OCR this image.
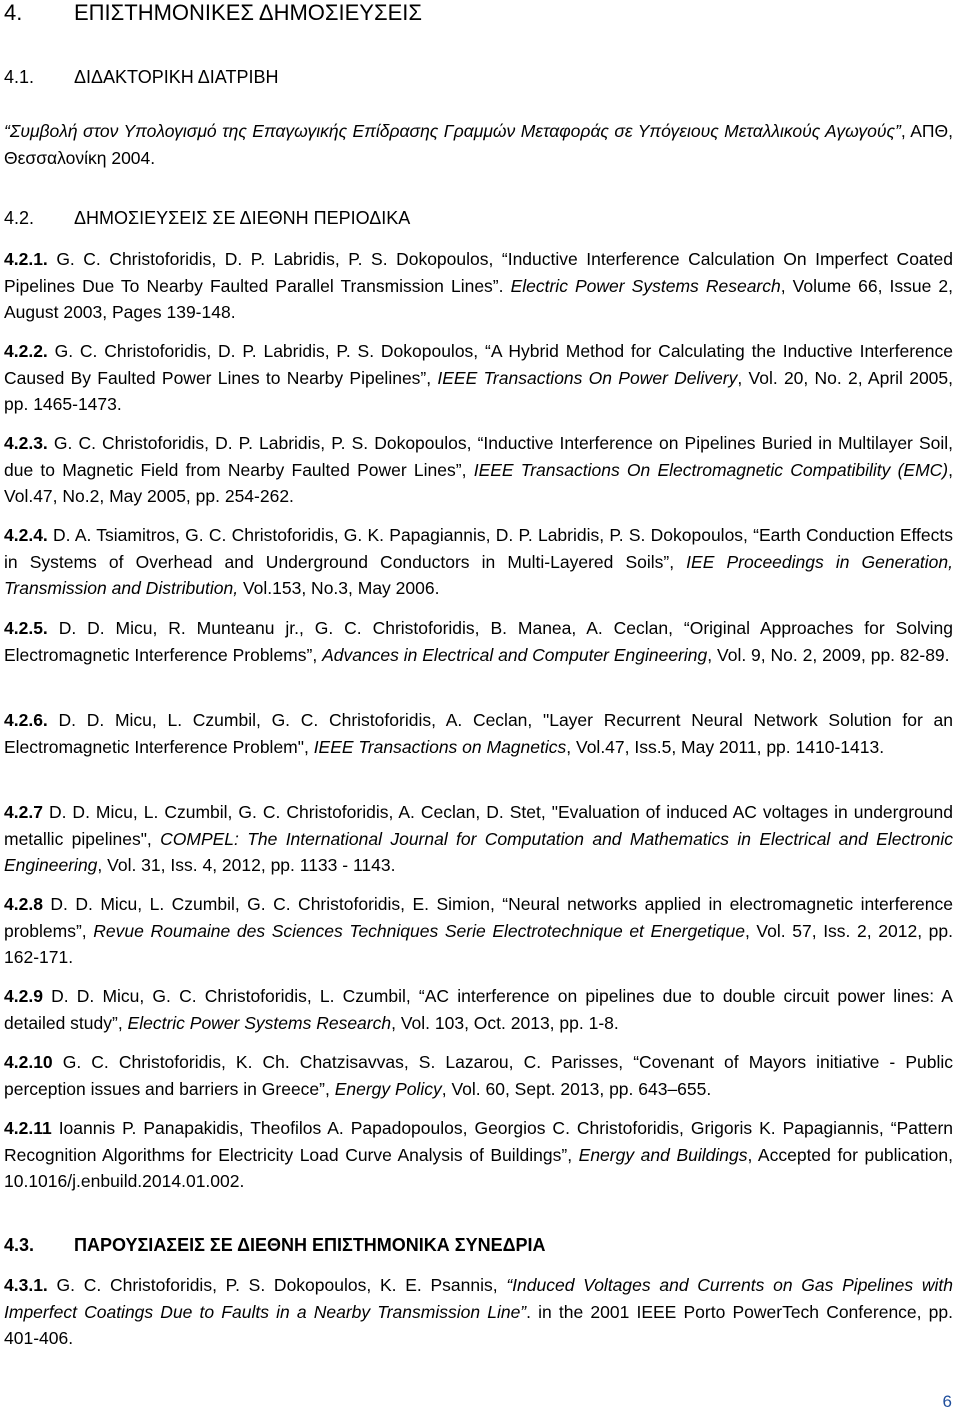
4. ΕΠΙΣΤΗΜΟΝΙΚΕΣ ΔΗΜΟΣΙΕΥΣΕΙΣ
4.1. ΔΙΔΑΚΤΟΡΙΚΗ ΔΙΑΤΡΙΒΗ
“Συμβολή στον Υπολογισμό της Επαγωγικής Επίδρασης Γραμμών Μεταφοράς σε Υπόγειους Μεταλλικούς Αγωγούς”, ΑΠΘ, Θεσσαλονίκη 2004.
4.2. ΔΗΜΟΣΙΕΥΣΕΙΣ ΣΕ ΔΙΕΘΝΗ ΠΕΡΙΟΔΙΚΑ
4.2.1. G. C. Christoforidis, D. P. Labridis, P. S. Dokopoulos, “Inductive Interference Calculation On Imperfect Coated Pipelines Due To Nearby Faulted Parallel Transmission Lines”. Electric Power Systems Research, Volume 66, Issue 2, August 2003, Pages 139-148.
4.2.2. G. C. Christoforidis, D. P. Labridis, P. S. Dokopoulos, “A Hybrid Method for Calculating the Inductive Interference Caused By Faulted Power Lines to Nearby Pipelines”, IEEE Transactions On Power Delivery, Vol. 20, No. 2, April 2005, pp. 1465-1473.
4.2.3. G. C. Christoforidis, D. P. Labridis, P. S. Dokopoulos, “Inductive Interference on Pipelines Buried in Multilayer Soil, due to Magnetic Field from Nearby Faulted Power Lines”, IEEE Transactions On Electromagnetic Compatibility (EMC), Vol.47, No.2, May 2005, pp. 254-262.
4.2.4. D. A. Tsiamitros, G. C. Christoforidis, G. K. Papagiannis, D. P. Labridis, P. S. Dokopoulos, “Earth Conduction Effects in Systems of Overhead and Underground Conductors in Multi-Layered Soils”, IEE Proceedings in Generation, Transmission and Distribution, Vol.153, No.3, May 2006.
4.2.5. D. D. Micu, R. Munteanu jr., G. C. Christoforidis, B. Manea, A. Ceclan, “Original Approaches for Solving Electromagnetic Interference Problems”, Advances in Electrical and Computer Engineering, Vol. 9, No. 2, 2009, pp. 82-89.
4.2.6. D. D. Micu, L. Czumbil, G. C. Christoforidis, A. Ceclan, "Layer Recurrent Neural Network Solution for an Electromagnetic Interference Problem", IEEE Transactions on Magnetics, Vol.47, Iss.5, May 2011, pp. 1410-1413.
4.2.7 D. D. Micu, L. Czumbil, G. C. Christoforidis, A. Ceclan, D. Stet, "Evaluation of induced AC voltages in underground metallic pipelines", COMPEL: The International Journal for Computation and Mathematics in Electrical and Electronic Engineering, Vol. 31, Iss. 4, 2012, pp. 1133 - 1143.
4.2.8 D. D. Micu, L. Czumbil, G. C. Christoforidis, E. Simion, “Neural networks applied in electromagnetic interference problems”, Revue Roumaine des Sciences Techniques Serie Electrotechnique et Energetique, Vol. 57, Iss. 2, 2012, pp. 162-171.
4.2.9 D. D. Micu, G. C. Christoforidis, L. Czumbil, “AC interference on pipelines due to double circuit power lines: A detailed study”, Electric Power Systems Research, Vol. 103, Oct. 2013, pp. 1-8.
4.2.10 G. C. Christoforidis, K. Ch. Chatzisavvas, S. Lazarou, C. Parisses, “Covenant of Mayors initiative - Public perception issues and barriers in Greece”, Energy Policy, Vol. 60, Sept. 2013, pp. 643–655.
4.2.11 Ioannis P. Panapakidis, Theofilos A. Papadopoulos, Georgios C. Christoforidis, Grigoris K. Papagiannis, “Pattern Recognition Algorithms for Electricity Load Curve Analysis of Buildings”, Energy and Buildings, Accepted for publication, 10.1016/j.enbuild.2014.01.002.
4.3. ΠΑΡΟΥΣΙΑΣΕΙΣ ΣΕ ΔΙΕΘΝΗ ΕΠΙΣΤΗΜΟΝΙΚΑ ΣΥΝΕΔΡΙΑ
4.3.1. G. C. Christoforidis, P. S. Dokopoulos, K. E. Psannis, “Induced Voltages and Currents on Gas Pipelines with Imperfect Coatings Due to Faults in a Nearby Transmission Line”. in the 2001 IEEE Porto PowerTech Conference, pp. 401-406.
6
